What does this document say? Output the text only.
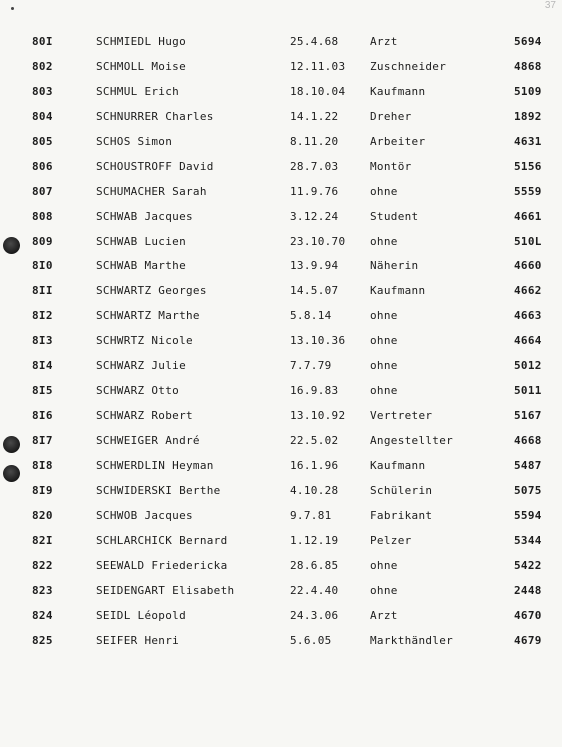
37
80I	SCHMIEDL Hugo	25.4.68	Arzt	5694
802	SCHMOLL Moise	12.11.03 Zuschneider	4868
803	SCHMUL Erich	18.10.04 Kaufmann	5109
804	SCHNURRER Charles	14.1.22	Dreher	1892
805	SCHOS Simon	8.11.20	Arbeiter	4631
806	SCHOUSTROFF David	28.7.03	Montör	5156
807	SCHUMACHER Sarah	11.9.76	ohne	5559
808	SCHWAB Jacques	3.12.24	Student	4661
809	SCHWAB Lucien	23.10.70 ohne	510L
8I0	SCHWAB Marthe	13.9.94	Näherin	4660
8II	SCHWARTZ Georges	14.5.07	Kaufmann	4662
8I2	SCHWARTZ Marthe	5.8.14	ohne	4663
8I3	SCHWRTZ Nicole	13.10.36 ohne	4664
8I4	SCHWARZ Julie	7.7.79	ohne	5012
8I5	SCHWARZ Otto	16.9.83	ohne	5011
8I6	SCHWARZ Robert	13.10.92 Vertreter	5167
8I7	SCHWEIGER André	22.5.02	Angestellter	4668
8I8	SCHWERDLIN Heyman	16.1.96	Kaufmann	5487
8I9	SCHWIDERSKI Berthe	4.10.28	Schülerin	5075
820	SCHWOB Jacques	9.7.81	Fabrikant	5594
82I	SCHLARCHICK Bernard	1.12.19	Pelzer	5344
822	SEEWALD Friedericka	28.6.85	ohne	5422
823	SEIDENGART Elisabeth	22.4.40	ohne	2448
824	SEIDL Léopold	24.3.06	Arzt	4670
825	SEIFER Henri	5.6.05	Markthändler	4679
